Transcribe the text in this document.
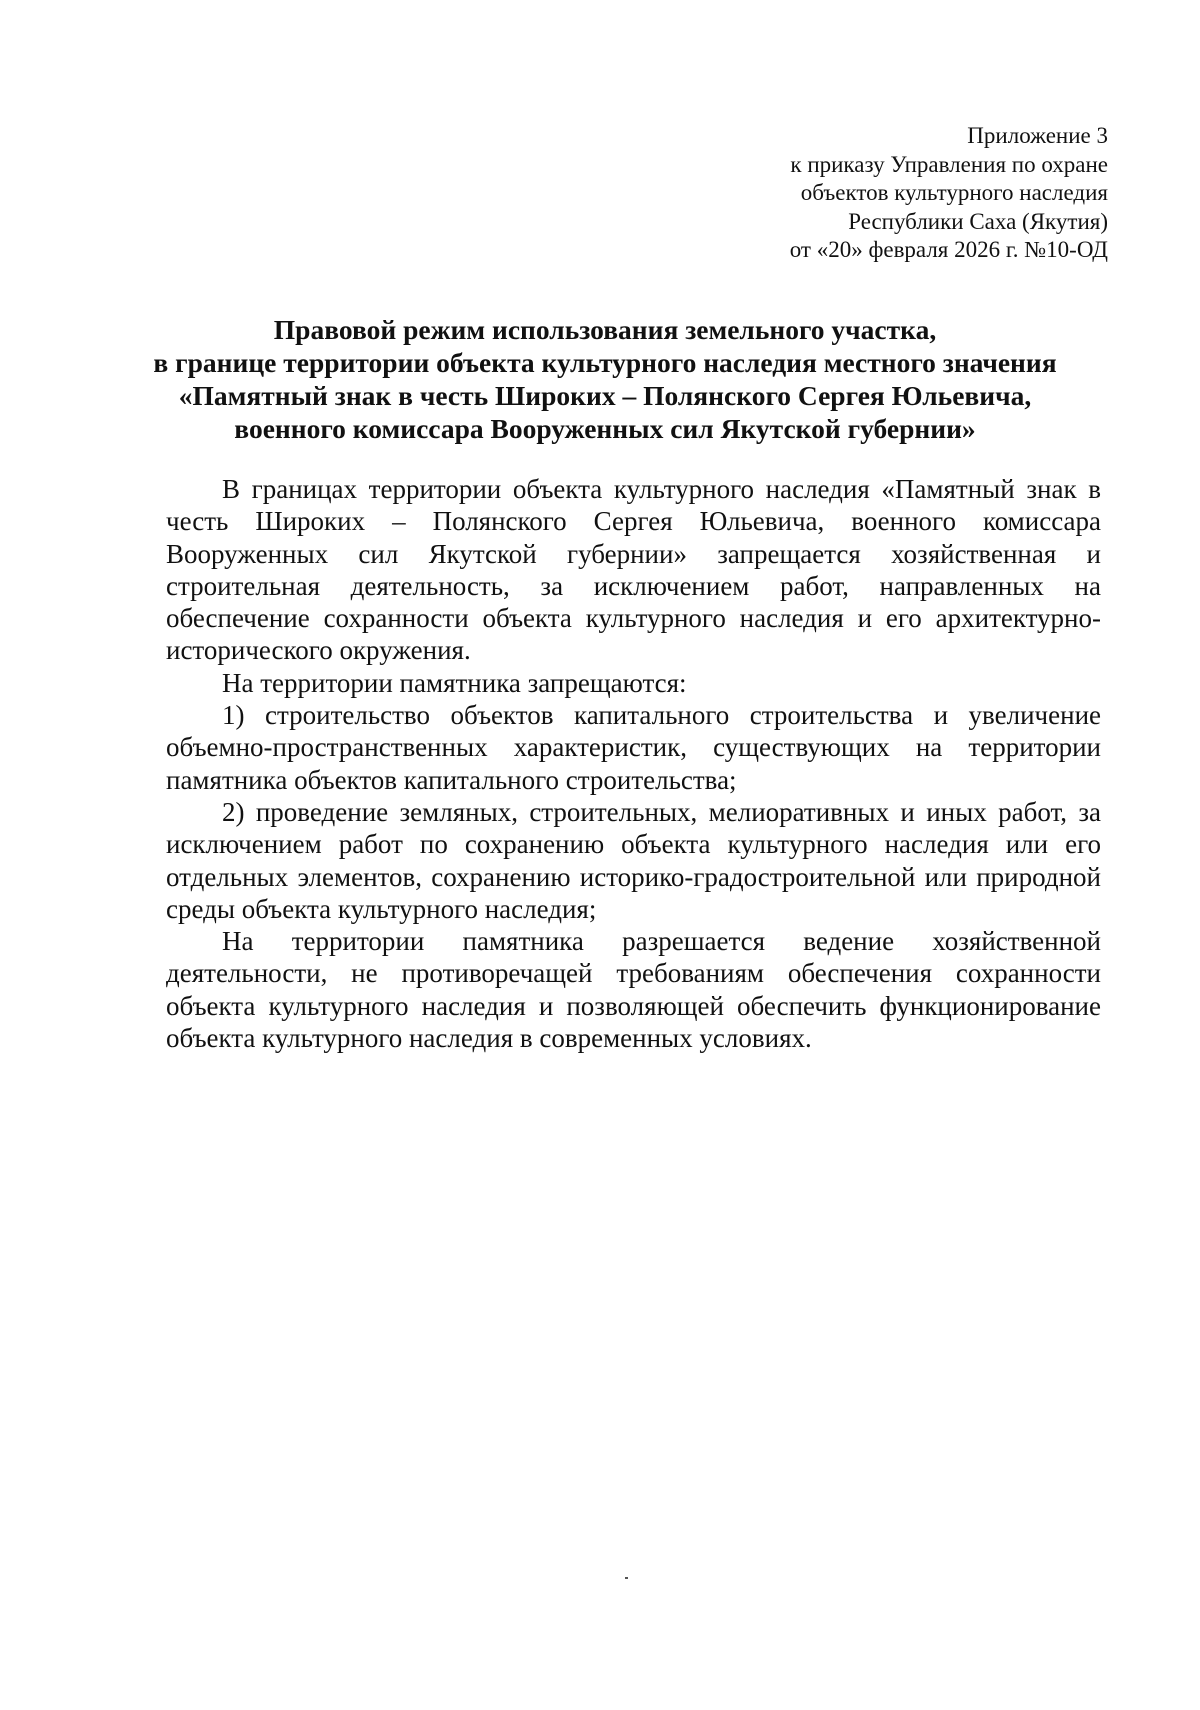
Приложение 3
к приказу Управления по охране
объектов культурного наследия
Республики Саха (Якутия)
от «20» февраля 2026 г. №10-ОД
Правовой режим использования земельного участка,
в границе территории объекта культурного наследия местного значения
«Памятный знак в честь Широких – Полянского Сергея Юльевича,
военного комиссара Вооруженных сил Якутской губернии»

В границах территории объекта культурного наследия «Памятный знак в честь Широких – Полянского Сергея Юльевича, военного комиссара Вооруженных сил Якутской губернии» запрещается хозяйственная и строительная деятельность, за исключением работ, направленных на обеспечение сохранности объекта культурного наследия и его архитектурно-исторического окружения.

На территории памятника запрещаются:

1) строительство объектов капитального строительства и увеличение объемно-пространственных характеристик, существующих на территории памятника объектов капитального строительства;

2) проведение земляных, строительных, мелиоративных и иных работ, за исключением работ по сохранению объекта культурного наследия или его отдельных элементов, сохранению историко-градостроительной или природной среды объекта культурного наследия;

На территории памятника разрешается ведение хозяйственной деятельности, не противоречащей требованиям обеспечения сохранности объекта культурного наследия и позволяющей обеспечить функционирование объекта культурного наследия в современных условиях.
